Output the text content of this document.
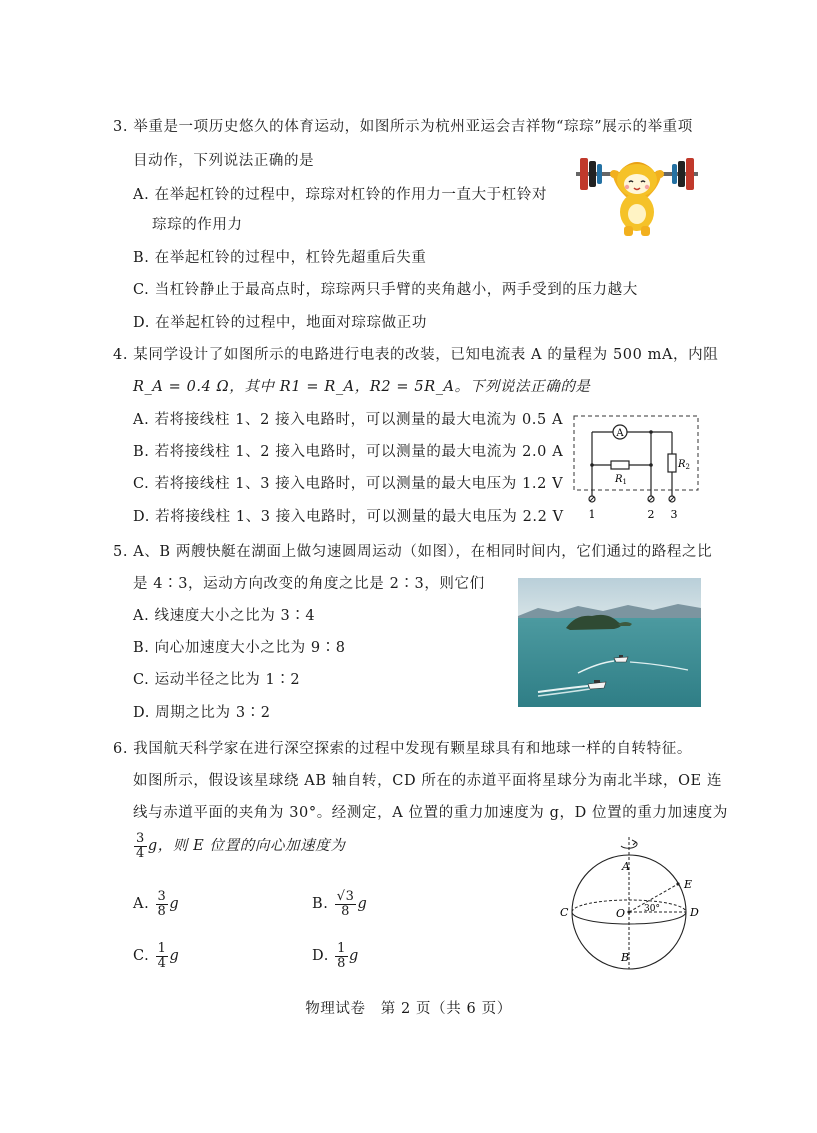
3. 举重是一项历史悠久的体育运动，如图所示为杭州亚运会吉祥物“琮琮”展示的举重项
目动作，下列说法正确的是
A. 在举起杠铃的过程中，琮琮对杠铃的作用力一直大于杠铃对
琮琮的作用力
B. 在举起杠铃的过程中，杠铃先超重后失重
C. 当杠铃静止于最高点时，琮琮两只手臂的夹角越小，两手受到的压力越大
D. 在举起杠铃的过程中，地面对琮琮做正功
4. 某同学设计了如图所示的电路进行电表的改装，已知电流表 A 的量程为 500 mA，内阻
R_A = 0.4 Ω，其中 R1 = R_A，R2 = 5R_A。下列说法正确的是
A. 若将接线柱 1、2 接入电路时，可以测量的最大电流为 0.5 A
B. 若将接线柱 1、2 接入电路时，可以测量的最大电流为 2.0 A
C. 若将接线柱 1、3 接入电路时，可以测量的最大电压为 1.2 V
D. 若将接线柱 1、3 接入电路时，可以测量的最大电压为 2.2 V
A
$R_1$
$R_2$
1	2 3
5. A、B 两艘快艇在湖面上做匀速圆周运动（如图），在相同时间内，它们通过的路程之比
是 4∶3，运动方向改变的角度之比是 2∶3，则它们
A. 线速度大小之比为 3∶4
B. 向心加速度大小之比为 9∶8
C. 运动半径之比为 1∶2
D. 周期之比为 3∶2
6. 我国航天科学家在进行深空探索的过程中发现有颗星球具有和地球一样的自转特征。
如图所示，假设该星球绕 AB 轴自转，CD 所在的赤道平面将星球分为南北半球，OE 连
线与赤道平面的夹角为 30°。经测定，A 位置的重力加速度为 g，D 位置的重力加速度为
$\frac{3}{4}$ g，则 E 位置的向心加速度为
A. $\frac{3}{8}$ g	B. $\frac{√3}{8}$ g
C. $\frac{1}{4}$ g	D. $\frac{1}{8}$ g
A
B
C	D
E
O 30°
物理试卷　第 2 页（共 6 页）
